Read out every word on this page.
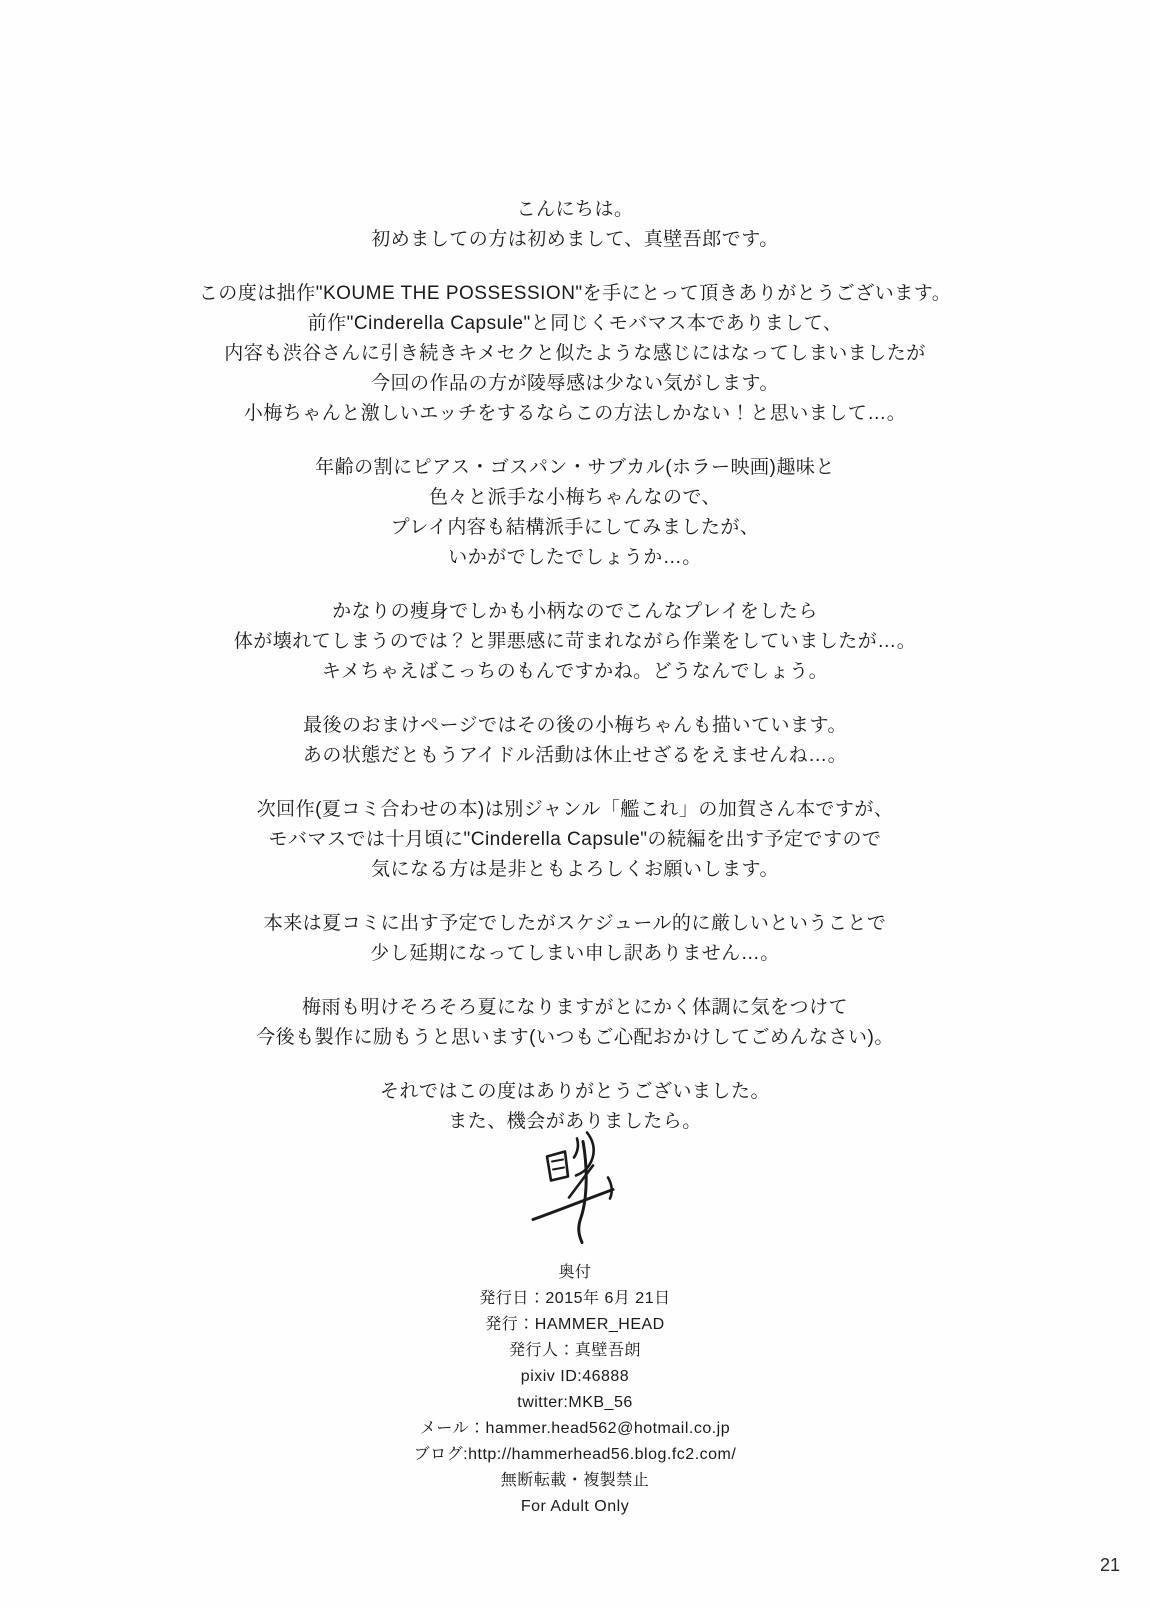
こんにちは。
初めましての方は初めまして、真壁吾郎です。
この度は拙作"KOUME THE POSSESSION"を手にとって頂きありがとうございます。
前作"Cinderella Capsule"と同じくモバマス本でありまして、
内容も渋谷さんに引き続きキメセクと似たような感じにはなってしまいましたが
今回の作品の方が陵辱感は少ない気がします。
小梅ちゃんと激しいエッチをするならこの方法しかない！と思いまして…。
年齢の割にピアス・ゴスパン・サブカル(ホラー映画)趣味と
色々と派手な小梅ちゃんなので、
プレイ内容も結構派手にしてみましたが、
いかがでしたでしょうか…。
かなりの痩身でしかも小柄なのでこんなプレイをしたら
体が壊れてしまうのでは？と罪悪感に苛まれながら作業をしていましたが…。
キメちゃえばこっちのもんですかね。どうなんでしょう。
最後のおまけページではその後の小梅ちゃんも描いています。
あの状態だともうアイドル活動は休止せざるをえませんね…。
次回作(夏コミ合わせの本)は別ジャンル「艦これ」の加賀さん本ですが、
モバマスでは十月頃に"Cinderella Capsule"の続編を出す予定ですので
気になる方は是非ともよろしくお願いします。
本来は夏コミに出す予定でしたがスケジュール的に厳しいということで
少し延期になってしまい申し訳ありません…。
梅雨も明けそろそろ夏になりますがとにかく体調に気をつけて
今後も製作に励もうと思います(いつもご心配おかけしてごめんなさい)。
それではこの度はありがとうございました。
また、機会がありましたら。
奥付
発行日：2015年 6月 21日
発行：HAMMER_HEAD
発行人：真壁吾朗
pixiv ID:46888
twitter:MKB_56
メール：hammer.head562@hotmail.co.jp
ブログ:http://hammerhead56.blog.fc2.com/
無断転載・複製禁止
For Adult Only
21
